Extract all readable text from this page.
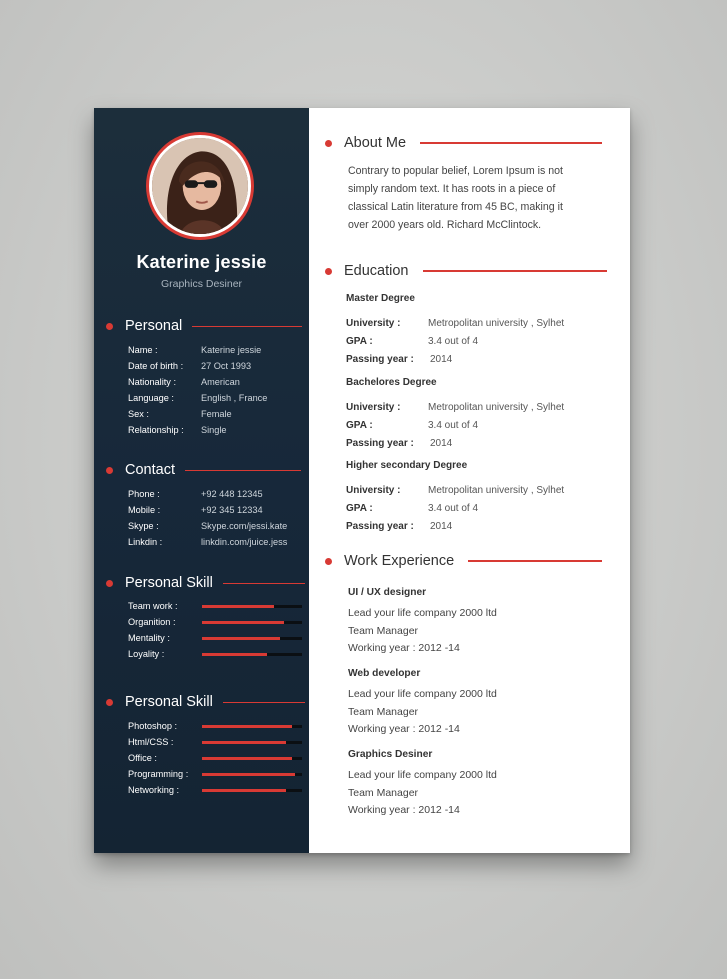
Katerine jessie
Graphics Desiner
Personal
Name :	Katerine jessie
Date of birth :	27 Oct 1993
Nationality :	American
Language :	English , France
Sex :	Female
Relationship :	Single
Contact
Phone :	+92 448 12345
Mobile :	+92 345 12334
Skype :	Skype.com/jessi.kate
Linkdin :	linkdin.com/juice.jess
Personal Skill
Team work :
Organition :
Mentality :
Loyality :
Personal Skill
Photoshop :
Html/CSS :
Office :
Programming :
Networking :
About Me
Contrary to popular belief, Lorem Ipsum is not
simply random text. It has roots in a piece of
classical Latin literature from 45 BC, making it
over 2000 years old. Richard McClintock.
Education
Master Degree
University :	Metropolitan university , Sylhet
GPA :	3.4 out of 4
Passing year :	2014
Bachelores Degree
University :	Metropolitan university , Sylhet
GPA :	3.4 out of 4
Passing year :	2014
Higher secondary Degree
University :	Metropolitan university , Sylhet
GPA :	3.4 out of 4
Passing year :	2014
Work Experience
UI / UX designer
Lead your life company 2000 ltd
Team Manager
Working year : 2012 -14
Web developer
Lead your life company 2000 ltd
Team Manager
Working year : 2012 -14
Graphics Desiner
Lead your life company 2000 ltd
Team Manager
Working year : 2012 -14
